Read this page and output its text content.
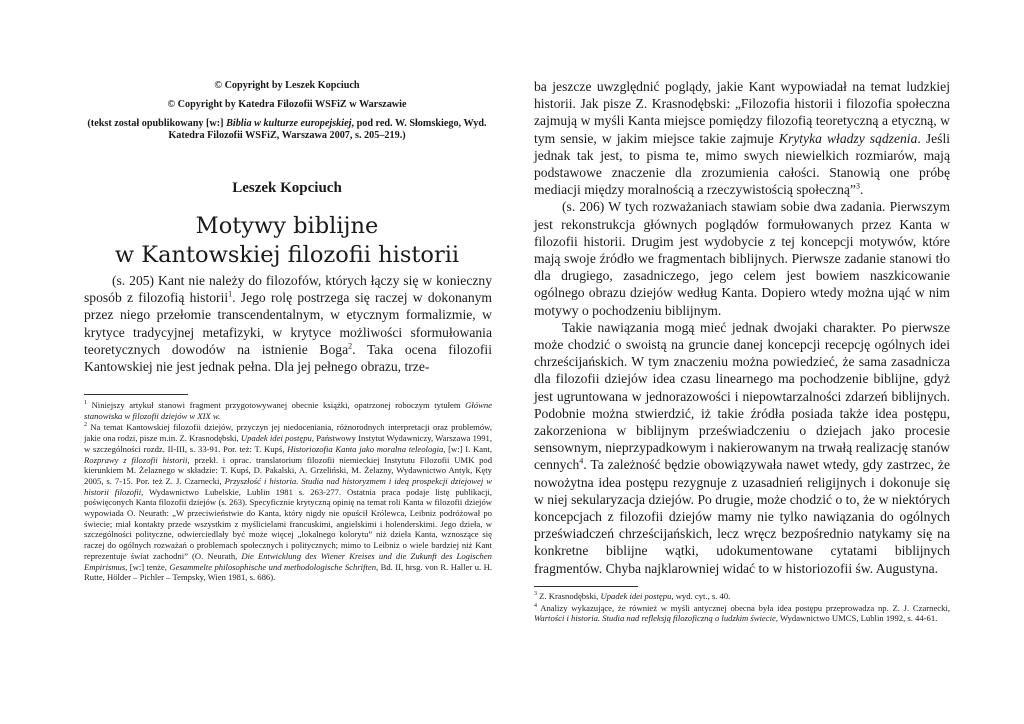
© Copyright by Leszek Kopciuch

© Copyright by Katedra Filozofii WSFiZ w Warszawie

(tekst został opublikowany [w:] Biblia w kulturze europejskiej, pod red. W. Słomskiego, Wyd. Katedra Filozofii WSFiZ, Warszawa 2007, s. 205–219.)

Leszek Kopciuch
Motywy biblijne
w Kantowskiej filozofii historii

(s. 205) Kant nie należy do filozofów, których łączy się w konieczny sposób z filozofią historii$^1$. Jego rolę postrzega się raczej w dokonanym przez niego przełomie transcendentalnym, w etycznym formalizmie, w krytyce tradycyjnej metafizyki, w krytyce możliwości sformułowania teoretycznych dowodów na istnienie Boga$^2$. Taka ocena filozofii Kantowskiej nie jest jednak pełna. Dla jej pełnego obrazu, trze-

$^1$ Niniejszy artykuł stanowi fragment przygotowywanej obecnie książki, opatrzonej roboczym tytułem Główne stanowiska w filozofii dziejów w XIX w.

$^2$ Na temat Kantowskiej filozofii dziejów, przyczyn jej niedoceniania, różnorodnych interpretacji oraz problemów, jakie ona rodzi, pisze m.in. Z. Krasnodębski, Upadek idei postępu, Państwowy Instytut Wydawniczy, Warszawa 1991, w szczególności rozdz. II-III, s. 33-91. Por. też: T. Kupś, Historiozofia Kanta jako moralna teleologia, [w:] I. Kant, Rozprawy z filozofii historii, przekł. i oprac. translatorium filozofii niemieckiej Instytutu Filozofii UMK pod kierunkiem M. Żelaznego w składzie: T. Kupś, D. Pakalski, A. Grzeliński, M. Żelazny, Wydawnictwo Antyk, Kęty 2005, s. 7-15. Por. też Z. J. Czarnecki, Przyszłość i historia. Studia nad historyzmem i ideą prospekcji dziejowej w historii filozofii, Wydawnictwo Lubelskie, Lublin 1981 s. 263-277. Ostatnia praca podaje listę publikacji, poświęconych Kanta filozofii dziejów (s. 263). Specyficznie krytyczną opinię na temat roli Kanta w filozofii dziejów wypowiada O. Neurath: „W przeciwieństwie do Kanta, który nigdy nie opuścił Królewca, Leibniz podróżował po świecie; miał kontakty przede wszystkim z myślicielami francuskimi, angielskimi i holenderskimi. Jego dzieła, w szczególności polityczne, odwierciedlały być może więcej „lokalnego kolorytu” niż dzieła Kanta, wznoszące się raczej do ogólnych rozważań o problemach społecznych i politycznych; mimo to Leibniz o wiele bardziej niż Kant reprezentuje świat zachodni” (O. Neurath, Die Entwicklung des Wiener Kreises und die Zukunft des Logischen Empirismus, [w:] tenże, Gesammelte philosophische und methodologische Schriften, Bd. II, hrsg. von R. Haller u. H. Rutte, Hölder – Pichler – Tempsky, Wien 1981, s. 686).

ba jeszcze uwzględnić poglądy, jakie Kant wypowiadał na temat ludzkiej historii. Jak pisze Z. Krasnodębski: „Filozofia historii i filozofia społeczna zajmują w myśli Kanta miejsce pomiędzy filozofią teoretyczną a etyczną, w tym sensie, w jakim miejsce takie zajmuje Krytyka władzy sądzenia. Jeśli jednak tak jest, to pisma te, mimo swych niewielkich rozmiarów, mają podstawowe znaczenie dla zrozumienia całości. Stanowią one próbę mediacji między moralnością a rzeczywistością społeczną”$^3$.

(s. 206) W tych rozważaniach stawiam sobie dwa zadania. Pierwszym jest rekonstrukcja głównych poglądów formułowanych przez Kanta w filozofii historii. Drugim jest wydobycie z tej koncepcji motywów, które mają swoje źródło we fragmentach biblijnych. Pierwsze zadanie stanowi tło dla drugiego, zasadniczego, jego celem jest bowiem naszkicowanie ogólnego obrazu dziejów według Kanta. Dopiero wtedy można ująć w nim motywy o pochodzeniu biblijnym.

Takie nawiązania mogą mieć jednak dwojaki charakter. Po pierwsze może chodzić o swoistą na gruncie danej koncepcji recepcję ogólnych idei chrześcijańskich. W tym znaczeniu można powiedzieć, że sama zasadnicza dla filozofii dziejów idea czasu linearnego ma pochodzenie biblijne, gdyż jest ugruntowana w jednorazowości i niepowtarzalności zdarzeń biblijnych. Podobnie można stwierdzić, iż takie źródła posiada także idea postępu, zakorzeniona w biblijnym przeświadczeniu o dziejach jako procesie sensownym, nieprzypadkowym i nakierowanym na trwałą realizację stanów cennych$^4$. Ta zależność będzie obowiązywała nawet wtedy, gdy zastrzec, że nowożytna idea postępu rezygnuje z uzasadnień religijnych i dokonuje się w niej sekularyzacja dziejów. Po drugie, może chodzić o to, że w niektórych koncepcjach z filozofii dziejów mamy nie tylko nawiązania do ogólnych przeświadczeń chrześcijańskich, lecz wręcz bezpośrednio natykamy się na konkretne biblijne wątki, udokumentowane cytatami biblijnych fragmentów. Chyba najklarowniej widać to w historiozofii św. Augustyna.

$^3$ Z. Krasnodębski, Upadek idei postępu, wyd. cyt., s. 40.

$^4$ Analizy wykazujące, że również w myśli antycznej obecna była idea postępu przeprowadza np. Z. J. Czarnecki, Wartości i historia. Studia nad refleksją filozoficzną o ludzkim świecie, Wydawnictwo UMCS, Lublin 1992, s. 44-61.
